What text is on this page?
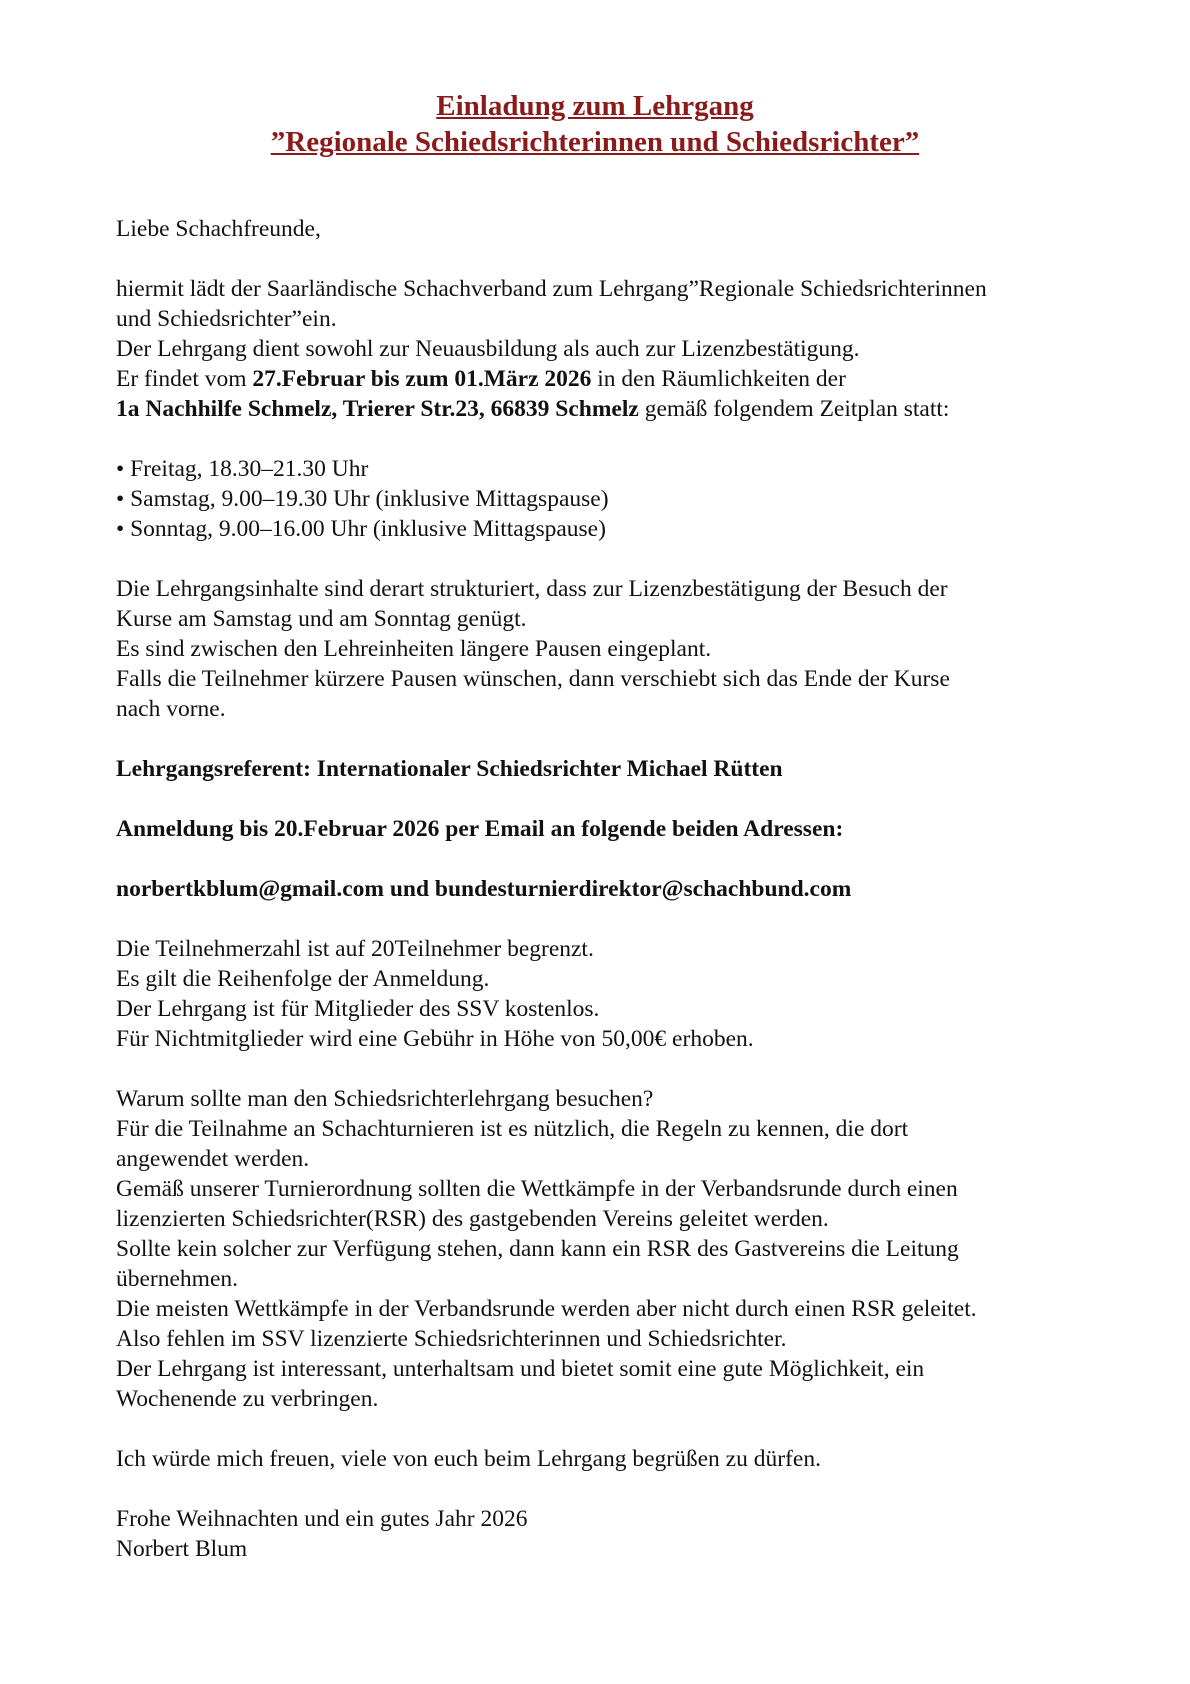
Einladung zum Lehrgang
”Regionale Schiedsrichterinnen und Schiedsrichter”

Liebe Schachfreunde,

hiermit lädt der Saarländische Schachverband zum Lehrgang”Regionale Schiedsrichterinnen

und Schiedsrichter”ein.

Der Lehrgang dient sowohl zur Neuausbildung als auch zur Lizenzbestätigung.

Er findet vom 27.Februar bis zum 01.März 2026 in den Räumlichkeiten der

1a Nachhilfe Schmelz, Trierer Str.23, 66839 Schmelz gemäß folgendem Zeitplan statt:

• Freitag, 18.30–21.30 Uhr

• Samstag, 9.00–19.30 Uhr (inklusive Mittagspause)

• Sonntag, 9.00–16.00 Uhr (inklusive Mittagspause)

Die Lehrgangsinhalte sind derart strukturiert, dass zur Lizenzbestätigung der Besuch der

Kurse am Samstag und am Sonntag genügt.

Es sind zwischen den Lehreinheiten längere Pausen eingeplant.

Falls die Teilnehmer kürzere Pausen wünschen, dann verschiebt sich das Ende der Kurse

nach vorne.

Lehrgangsreferent: Internationaler Schiedsrichter Michael Rütten

Anmeldung bis 20.Februar 2026 per Email an folgende beiden Adressen:

norbertkblum@gmail.com und bundesturnierdirektor@schachbund.com

Die Teilnehmerzahl ist auf 20Teilnehmer begrenzt.

Es gilt die Reihenfolge der Anmeldung.

Der Lehrgang ist für Mitglieder des SSV kostenlos.

Für Nichtmitglieder wird eine Gebühr in Höhe von 50,00€ erhoben.

Warum sollte man den Schiedsrichterlehrgang besuchen?

Für die Teilnahme an Schachturnieren ist es nützlich, die Regeln zu kennen, die dort

angewendet werden.

Gemäß unserer Turnierordnung sollten die Wettkämpfe in der Verbandsrunde durch einen

lizenzierten Schiedsrichter(RSR) des gastgebenden Vereins geleitet werden.

Sollte kein solcher zur Verfügung stehen, dann kann ein RSR des Gastvereins die Leitung

übernehmen.

Die meisten Wettkämpfe in der Verbandsrunde werden aber nicht durch einen RSR geleitet.

Also fehlen im SSV lizenzierte Schiedsrichterinnen und Schiedsrichter.

Der Lehrgang ist interessant, unterhaltsam und bietet somit eine gute Möglichkeit, ein

Wochenende zu verbringen.

Ich würde mich freuen, viele von euch beim Lehrgang begrüßen zu dürfen.

Frohe Weihnachten und ein gutes Jahr 2026

Norbert Blum
